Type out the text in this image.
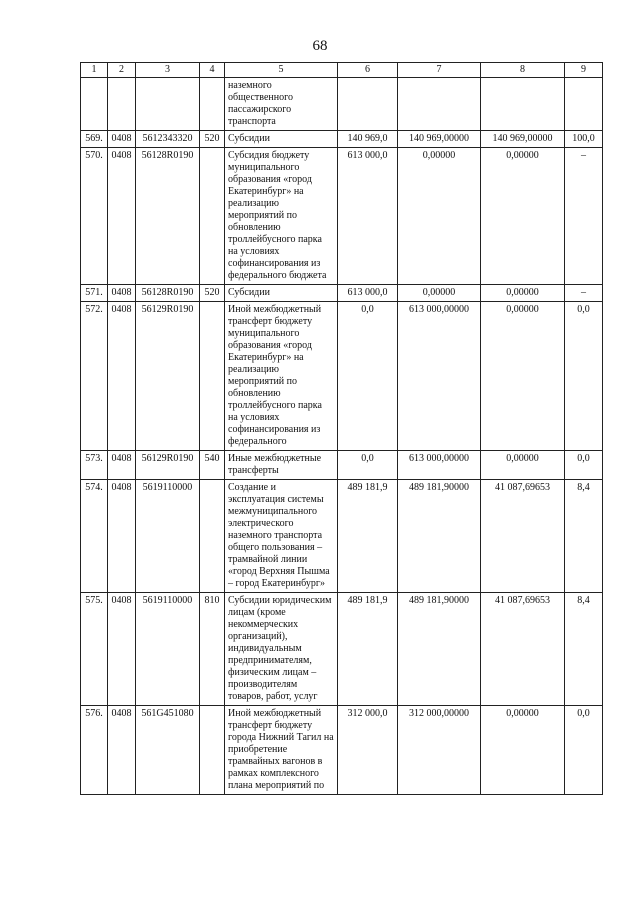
68
1	2	3	4	5	6	7	8	9
				наземного общественного пассажирского транспорта				
569.	0408	5612343320	520	Субсидии	140 969,0	140 969,00000	140 969,00000	100,0
570.	0408	56128R0190		Субсидия бюджету муниципального образования «город Екатеринбург» на реализацию мероприятий по обновлению троллейбусного парка на условиях софинансирования из федерального бюджета	613 000,0	0,00000	0,00000	–
571.	0408	56128R0190	520	Субсидии	613 000,0	0,00000	0,00000	–
572.	0408	56129R0190		Иной межбюджетный трансферт бюджету муниципального образования «город Екатеринбург» на реализацию мероприятий по обновлению троллейбусного парка на условиях софинансирования из федерального	0,0	613 000,00000	0,00000	0,0
573.	0408	56129R0190	540	Иные межбюджетные трансферты	0,0	613 000,00000	0,00000	0,0
574.	0408	5619110000		Создание и эксплуатация системы межмуниципального электрического наземного транспорта общего пользования – трамвайной линии «город Верхняя Пышма – город Екатеринбург»	489 181,9	489 181,90000	41 087,69653	8,4
575.	0408	5619110000	810	Субсидии юридическим лицам (кроме некоммерческих организаций), индивидуальным предпринимателям, физическим лицам – производителям товаров, работ, услуг	489 181,9	489 181,90000	41 087,69653	8,4
576.	0408	561G451080		Иной межбюджетный трансферт бюджету города Нижний Тагил на приобретение трамвайных вагонов в рамках комплексного плана мероприятий по	312 000,0	312 000,00000	0,00000	0,0
